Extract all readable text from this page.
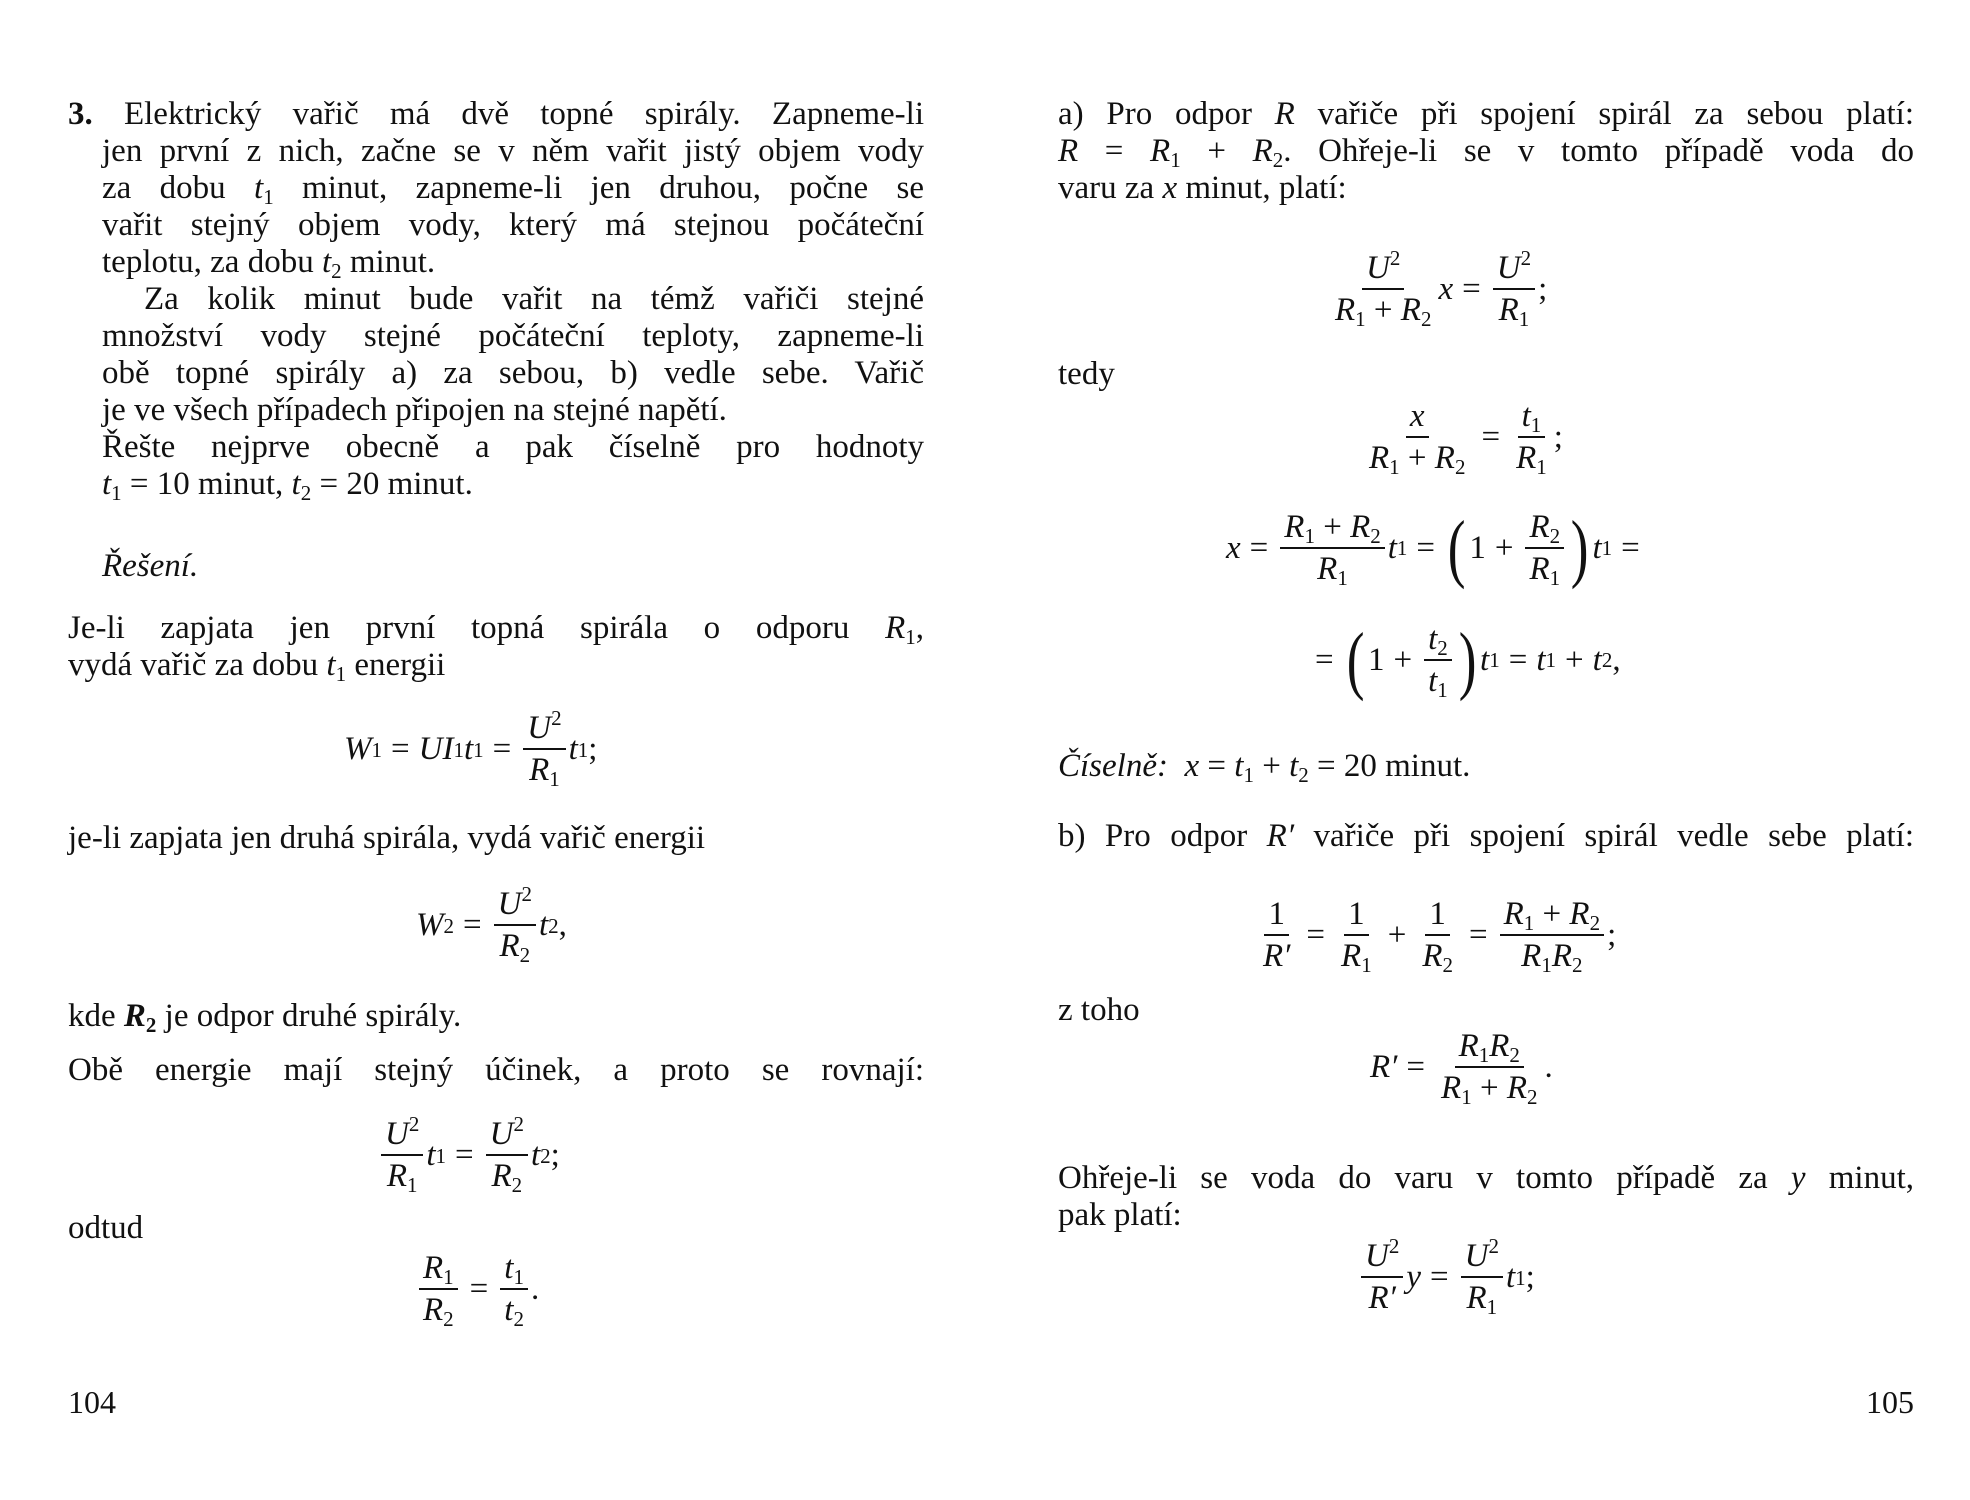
3. Elektrický vařič má dvě topné spirály. Zapneme-li
jen první z nich, začne se v něm vařit jistý objem vody
za dobu $t_1$ minut, zapneme-li jen druhou, počne se
vařit stejný objem vody, který má stejnou počáteční
teplotu, za dobu $t_2$ minut.
Za kolik minut bude vařit na témž vařiči stejné
množství vody stejné počáteční teploty, zapneme-li
obě topné spirály a) za sebou, b) vedle sebe. Vařič
je ve všech případech připojen na stejné napětí.
Řešte nejprve obecně a pak číselně pro hodnoty
$t_1 = 10$ minut, $t_2 = 20$ minut.
Řešení.
Je-li zapjata jen první topná spirála o odporu $R_1$,
vydá vařič za dobu $t_1$ energii
W 1 = U I 1 t $1 = \frac{U^2}{R_1}$ t 1 ;
je-li zapjata jen druhá spirála, vydá vařič energii
W $2 = \frac{U^2}{R_2}$ t 2 ,
kde $R_2$ je odpor druhé spirály.
Obě energie mají stejný účinek, a proto se rovnají:
$\frac{U^2}{R_1}$ t $1 = \frac{U^2}{R_2}$ t 2 ;
odtud
$\frac{R_1}{R_2} = \frac{t_1}{t_2}$ .
104
a) Pro odpor R vařiče při spojení spirál za sebou platí:
$R = R_1 + R_2$. Ohřeje-li se v tomto případě voda do
varu za x minut, platí:
$\frac{U^2}{R_1 + R_2}$ $x = \frac{U^2}{R_1}$ ;
tedy
$\frac{x}{R_1 + R_2} = \frac{t_1}{R_1}$ ;
$x = \frac{R_1 + R_2}{R_1}$ t 1 = ( $1 + \frac{R_2}{R_1}$ ) t 1 =
= ( $1 + \frac{t_2}{t_1}$ ) t 1 = t 1 + t 2 ,
Číselně: $x = t_1 + t_2 = 20$ minut.
b) Pro odpor R′ vařiče při spojení spirál vedle sebe platí:
$\frac{1}{R'} = \frac{1}{R_1} + \frac{1}{R_2} = \frac{R_1 + R_2}{R_1R_2}$ ;
z toho
$R' = \frac{R_1R_2}{R_1 + R_2}$ .
Ohřeje-li se voda do varu v tomto případě za y minut,
pak platí:
$\frac{U^2}{R'}$ $y = \frac{U^2}{R_1}$ t 1 ;
105
